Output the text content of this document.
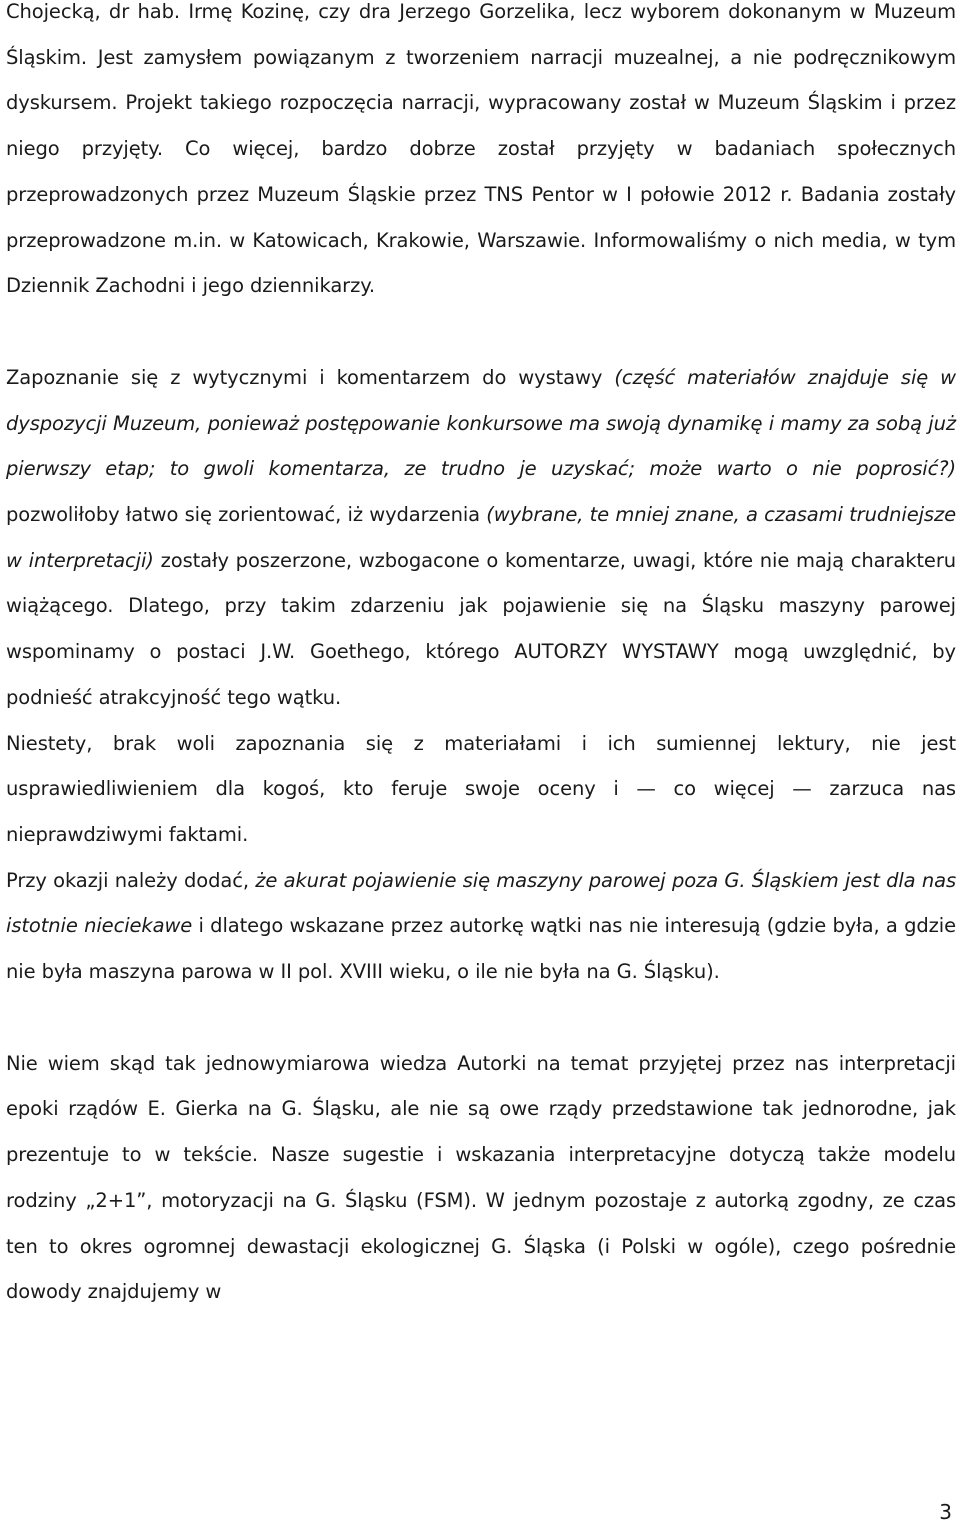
Chojecką, dr hab. Irmę Kozinę, czy dra Jerzego Gorzelika, lecz wyborem dokonanym w Muzeum Śląskim. Jest zamysłem powiązanym z tworzeniem narracji muzealnej, a nie podręcznikowym dyskursem. Projekt takiego rozpoczęcia narracji, wypracowany został w Muzeum Śląskim i przez niego przyjęty. Co więcej, bardzo dobrze został przyjęty w badaniach społecznych przeprowadzonych przez Muzeum Śląskie przez TNS Pentor w I połowie 2012 r. Badania zostały przeprowadzone m.in. w Katowicach, Krakowie, Warszawie. Informowaliśmy o nich media, w tym Dziennik Zachodni i jego dziennikarzy.

Zapoznanie się z wytycznymi i komentarzem do wystawy (część materiałów znajduje się w dyspozycji Muzeum, ponieważ postępowanie konkursowe ma swoją dynamikę i mamy za sobą już pierwszy etap; to gwoli komentarza, ze trudno je uzyskać; może warto o nie poprosić?) pozwoliłoby łatwo się zorientować, iż wydarzenia (wybrane, te mniej znane, a czasami trudniejsze w interpretacji) zostały poszerzone, wzbogacone o komentarze, uwagi, które nie mają charakteru wiążącego. Dlatego, przy takim zdarzeniu jak pojawienie się na Śląsku maszyny parowej wspominamy o postaci J.W. Goethego, którego AUTORZY WYSTAWY mogą uwzględnić, by podnieść atrakcyjność tego wątku.

Niestety, brak woli zapoznania się z materiałami i ich sumiennej lektury, nie jest usprawiedliwieniem dla kogoś, kto feruje swoje oceny i — co więcej — zarzuca nas nieprawdziwymi faktami.

Przy okazji należy dodać, że akurat pojawienie się maszyny parowej poza G. Śląskiem jest dla nas istotnie nieciekawe i dlatego wskazane przez autorkę wątki nas nie interesują (gdzie była, a gdzie nie była maszyna parowa w II pol. XVIII wieku, o ile nie była na G. Śląsku).

Nie wiem skąd tak jednowymiarowa wiedza Autorki na temat przyjętej przez nas interpretacji epoki rządów E. Gierka na G. Śląsku, ale nie są owe rządy przedstawione tak jednorodne, jak prezentuje to w tekście. Nasze sugestie i wskazania interpretacyjne dotyczą także modelu rodziny „2+1”, motoryzacji na G. Śląsku (FSM). W jednym pozostaje z autorką zgodny, ze czas ten to okres ogromnej dewastacji ekologicznej G. Śląska (i Polski w ogóle), czego pośrednie dowody znajdujemy w

3
